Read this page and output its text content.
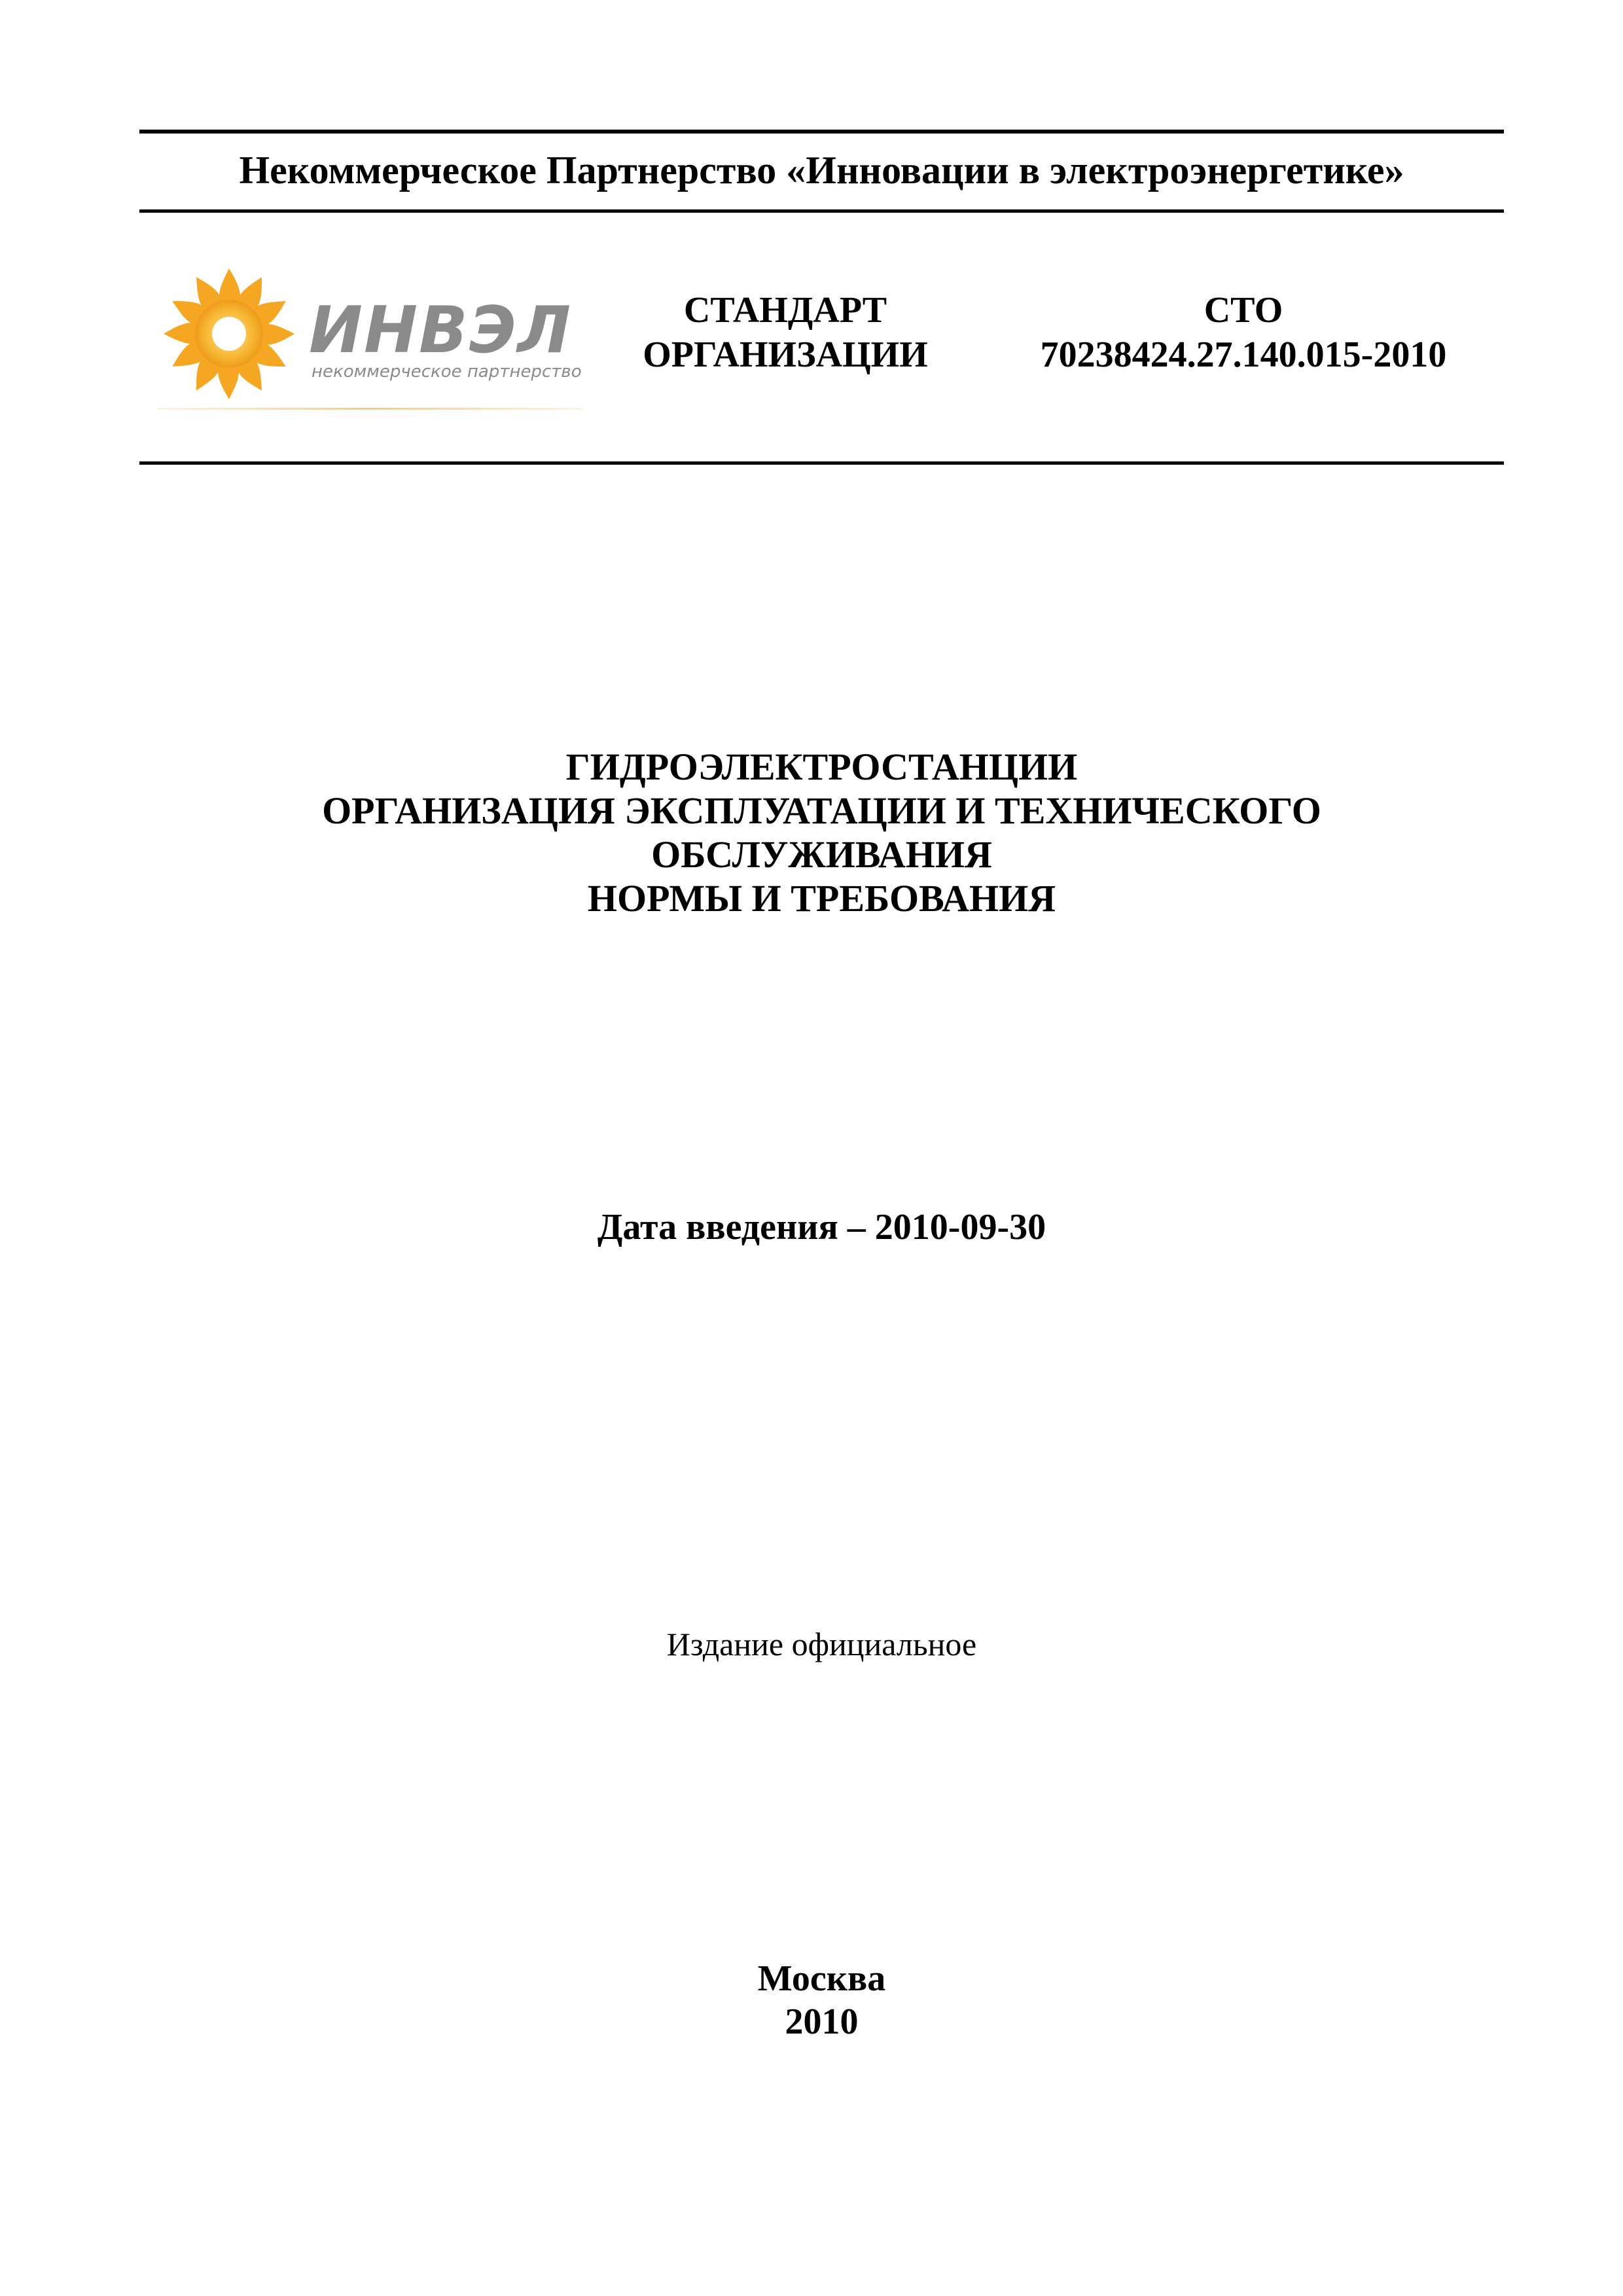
Некоммерческое Партнерство «Инновации в электроэнергетике»
ИНВЭЛ
некоммерческое партнерство
СТАНДАРТ
ОРГАНИЗАЦИИ
СТО
70238424.27.140.015-2010
ГИДРОЭЛЕКТРОСТАНЦИИ
ОРГАНИЗАЦИЯ ЭКСПЛУАТАЦИИ И ТЕХНИЧЕСКОГО
ОБСЛУЖИВАНИЯ
НОРМЫ И ТРЕБОВАНИЯ
Дата введения – 2010-09-30
Издание официальное
Москва
2010
